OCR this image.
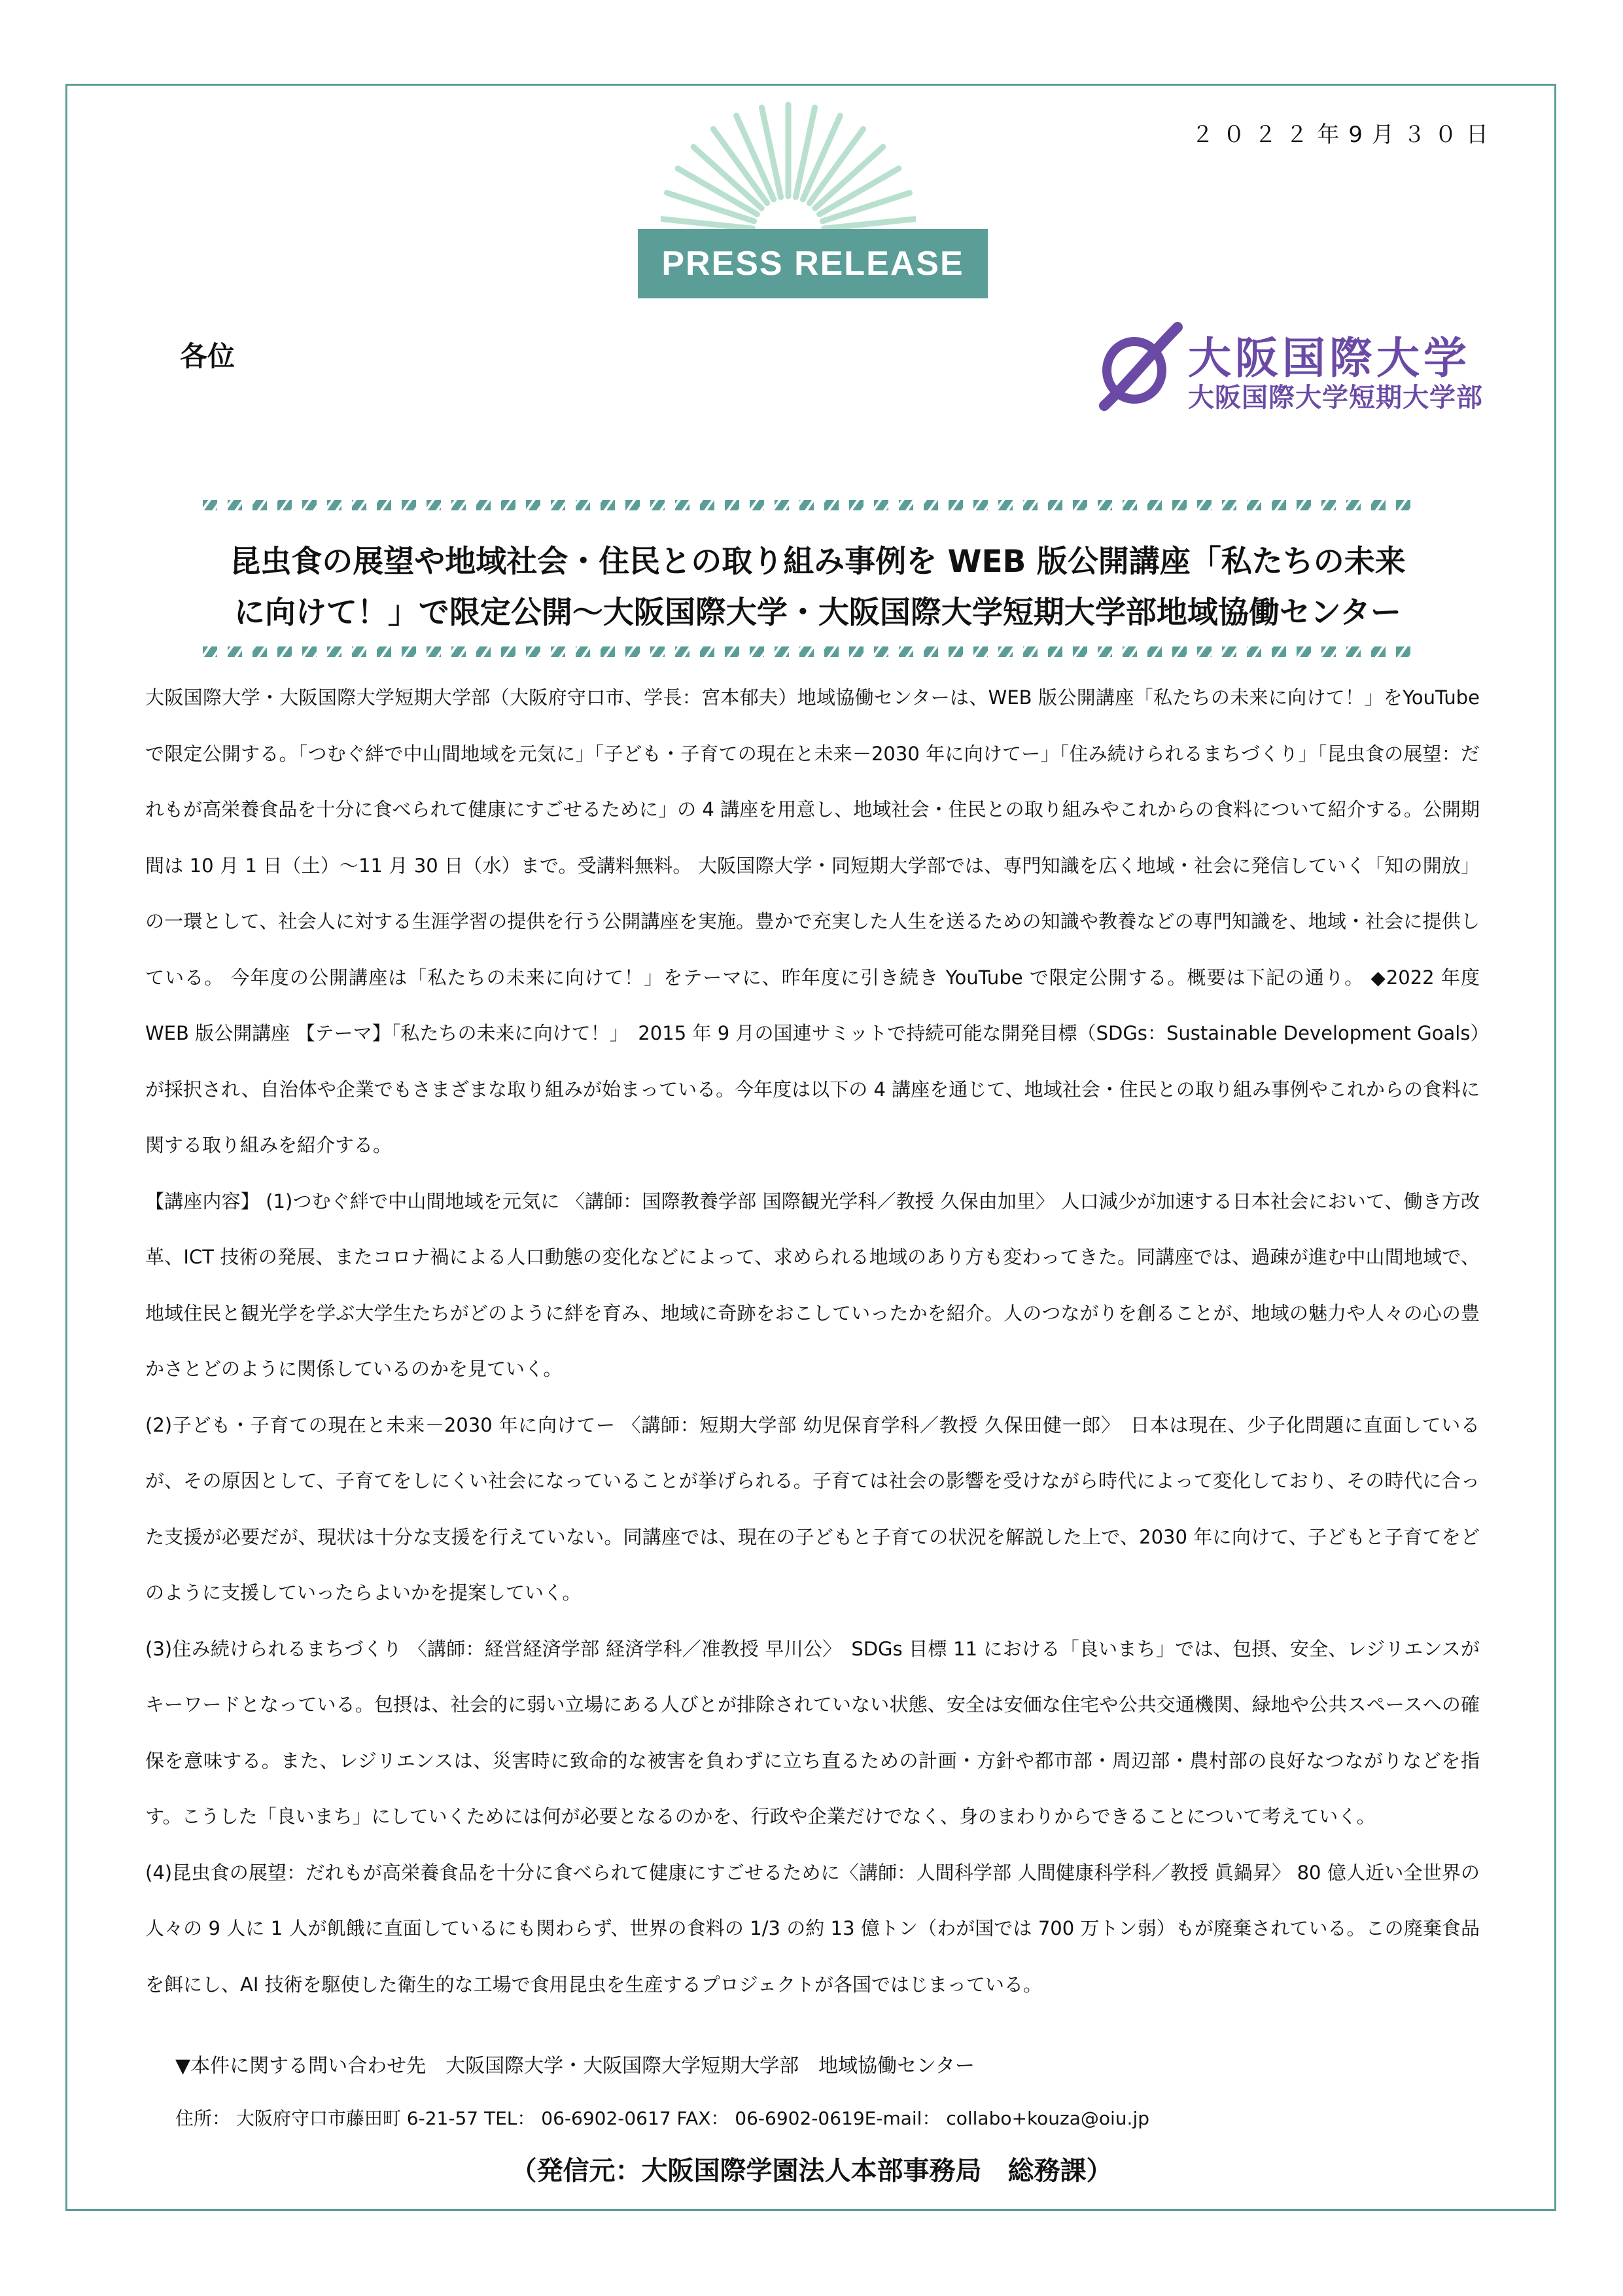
２０２２年9月３０日
PRESS RELEASE
各位	大阪国際大学
大阪国際大学短期大学部
昆虫食の展望や地域社会・住民との取り組み事例を WEB 版公開講座「私たちの未来
に向けて！」で限定公開～大阪国際大学・大阪国際大学短期大学部地域協働センター

大阪国際大学・大阪国際大学短期大学部（大阪府守口市、学長：宮本郁夫）地域協働センターは、WEB 版公開講座「私たちの未来に向けて！」をYouTube で限定公開する。「つむぐ絆で中山間地域を元気に」「子ども・子育ての現在と未来－2030 年に向けてー」「住み続けられるまちづくり」「昆虫食の展望：だれもが高栄養食品を十分に食べられて健康にすごせるために」の 4 講座を用意し、地域社会・住民との取り組みやこれからの食料について紹介する。公開期間は 10 月 1 日（土）～11 月 30 日（水）まで。受講料無料。 大阪国際大学・同短期大学部では、専門知識を広く地域・社会に発信していく「知の開放」の一環として、社会人に対する生涯学習の提供を行う公開講座を実施。豊かで充実した人生を送るための知識や教養などの専門知識を、地域・社会に提供している。 今年度の公開講座は「私たちの未来に向けて！」をテーマに、昨年度に引き続き YouTube で限定公開する。概要は下記の通り。 ◆2022 年度 WEB 版公開講座 【テーマ】「私たちの未来に向けて！」　2015 年 9 月の国連サミットで持続可能な開発目標（SDGs：Sustainable Development Goals）が採択され、自治体や企業でもさまざまな取り組みが始まっている。今年度は以下の 4 講座を通じて、地域社会・住民との取り組み事例やこれからの食料に関する取り組みを紹介する。

【講座内容】 (1)つむぐ絆で中山間地域を元気に 〈講師：国際教養学部 国際観光学科／教授 久保由加里〉 人口減少が加速する日本社会において、働き方改革、ICT 技術の発展、またコロナ禍による人口動態の変化などによって、求められる地域のあり方も変わってきた。同講座では、過疎が進む中山間地域で、地域住民と観光学を学ぶ大学生たちがどのように絆を育み、地域に奇跡をおこしていったかを紹介。人のつながりを創ることが、地域の魅力や人々の心の豊かさとどのように関係しているのかを見ていく。

(2)子ども・子育ての現在と未来－2030 年に向けてー 〈講師：短期大学部 幼児保育学科／教授 久保田健一郎〉　日本は現在、少子化問題に直面しているが、その原因として、子育てをしにくい社会になっていることが挙げられる。子育ては社会の影響を受けながら時代によって変化しており、その時代に合った支援が必要だが、現状は十分な支援を行えていない。同講座では、現在の子どもと子育ての状況を解説した上で、2030 年に向けて、子どもと子育てをどのように支援していったらよいかを提案していく。

(3)住み続けられるまちづくり 〈講師：経営経済学部 経済学科／准教授 早川公〉　SDGs 目標 11 における「良いまち」では、包摂、安全、レジリエンスがキーワードとなっている。包摂は、社会的に弱い立場にある人びとが排除されていない状態、安全は安価な住宅や公共交通機関、緑地や公共スペースへの確保を意味する。また、レジリエンスは、災害時に致命的な被害を負わずに立ち直るための計画・方針や都市部・周辺部・農村部の良好なつながりなどを指す。こうした「良いまち」にしていくためには何が必要となるのかを、行政や企業だけでなく、身のまわりからできることについて考えていく。

(4)昆虫食の展望：だれもが高栄養食品を十分に食べられて健康にすごせるために〈講師：人間科学部 人間健康科学科／教授 眞鍋昇〉 80 億人近い全世界の人々の 9 人に 1 人が飢餓に直面しているにも関わらず、世界の食料の 1/3 の約 13 億トン（わが国では 700 万トン弱）もが廃棄されている。この廃棄食品を餌にし、AI 技術を駆使した衛生的な工場で食用昆虫を生産するプロジェクトが各国ではじまっている。

▼本件に関する問い合わせ先　大阪国際大学・大阪国際大学短期大学部　地域協働センター
住所： 大阪府守口市藤田町 6-21-57 TEL： 06-6902-0617 FAX： 06-6902-0619E-mail： collabo+kouza@oiu.jp
（発信元：大阪国際学園法人本部事務局　総務課）
